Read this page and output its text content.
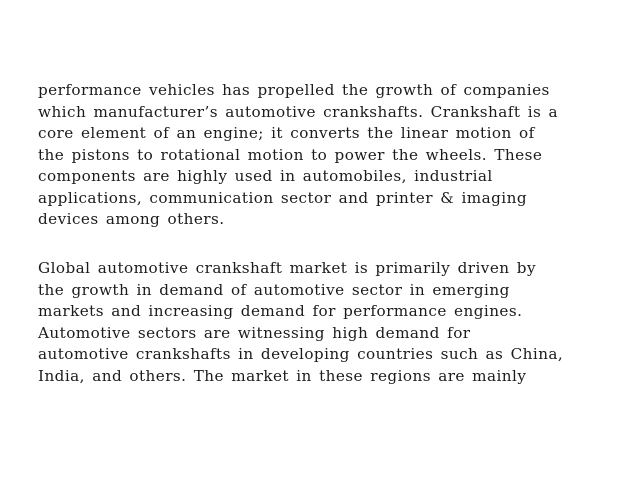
performance vehicles has propelled the growth of companies
which manufacturer’s automotive crankshafts. Crankshaft is a
core element of an engine; it converts the linear motion of
the pistons to rotational motion to power the wheels. These
components are highly used in automobiles, industrial
applications, communication sector and printer & imaging
devices among others.
Global automotive crankshaft market is primarily driven by
the growth in demand of automotive sector in emerging
markets and increasing demand for performance engines.
Automotive sectors are witnessing high demand for
automotive crankshafts in developing countries such as China,
India, and others. The market in these regions are mainly
